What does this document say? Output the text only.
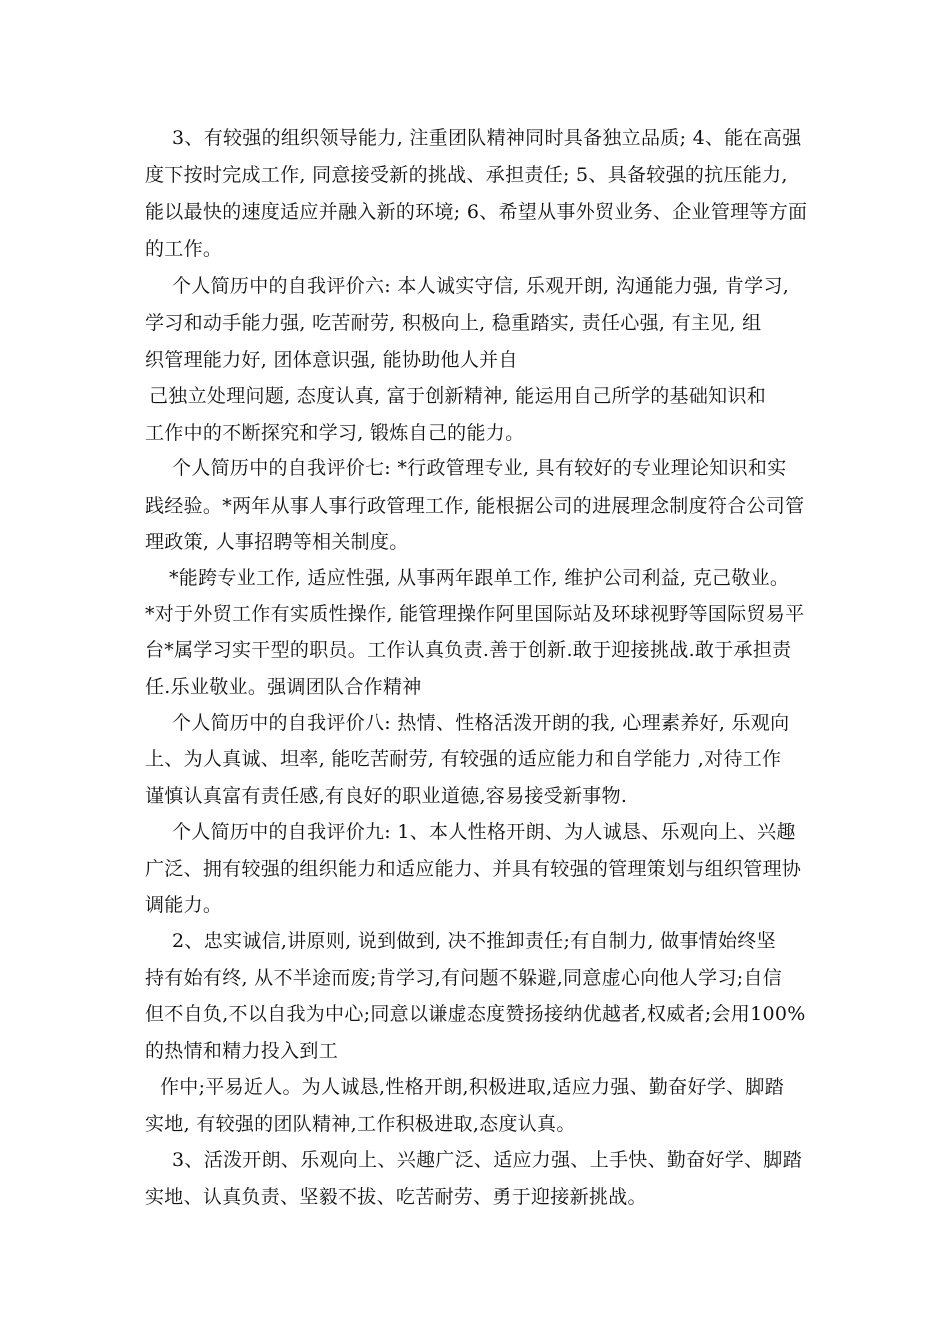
3、有较强的组织领导能力, 注重团队精神同时具备独立品质; 4、能在高强
度下按时完成工作, 同意接受新的挑战、承担责任; 5、具备较强的抗压能力,
能以最快的速度适应并融入新的环境; 6、希望从事外贸业务、企业管理等方面
的工作。
个人简历中的自我评价六: 本人诚实守信, 乐观开朗, 沟通能力强, 肯学习,
学习和动手能力强, 吃苦耐劳, 积极向上, 稳重踏实, 责任心强, 有主见, 组
织管理能力好, 团体意识强, 能协助他人并自
己独立处理问题, 态度认真, 富于创新精神, 能运用自己所学的基础知识和
工作中的不断探究和学习, 锻炼自己的能力。
个人简历中的自我评价七: *行政管理专业, 具有较好的专业理论知识和实
践经验。*两年从事人事行政管理工作, 能根据公司的进展理念制度符合公司管
理政策, 人事招聘等相关制度。
*能跨专业工作, 适应性强, 从事两年跟单工作, 维护公司利益, 克己敬业。
*对于外贸工作有实质性操作, 能管理操作阿里国际站及环球视野等国际贸易平
台*属学习实干型的职员。工作认真负责.善于创新.敢于迎接挑战.敢于承担责
任.乐业敬业。强调团队合作精神
个人简历中的自我评价八: 热情、性格活泼开朗的我, 心理素养好, 乐观向
上、为人真诚、坦率, 能吃苦耐劳, 有较强的适应能力和自学能力 ,对待工作
谨慎认真富有责任感,有良好的职业道德,容易接受新事物.
个人简历中的自我评价九: 1、本人性格开朗、为人诚恳、乐观向上、兴趣
广泛、拥有较强的组织能力和适应能力、并具有较强的管理策划与组织管理协
调能力。
2、忠实诚信,讲原则, 说到做到, 决不推卸责任;有自制力, 做事情始终坚
持有始有终, 从不半途而废;肯学习,有问题不躲避,同意虚心向他人学习;自信
但不自负,不以自我为中心;同意以谦虚态度赞扬接纳优越者,权威者;会用100%
的热情和精力投入到工
作中;平易近人。为人诚恳,性格开朗,积极进取,适应力强、勤奋好学、脚踏
实地, 有较强的团队精神,工作积极进取,态度认真。
3、活泼开朗、乐观向上、兴趣广泛、适应力强、上手快、勤奋好学、脚踏
实地、认真负责、坚毅不拔、吃苦耐劳、勇于迎接新挑战。
